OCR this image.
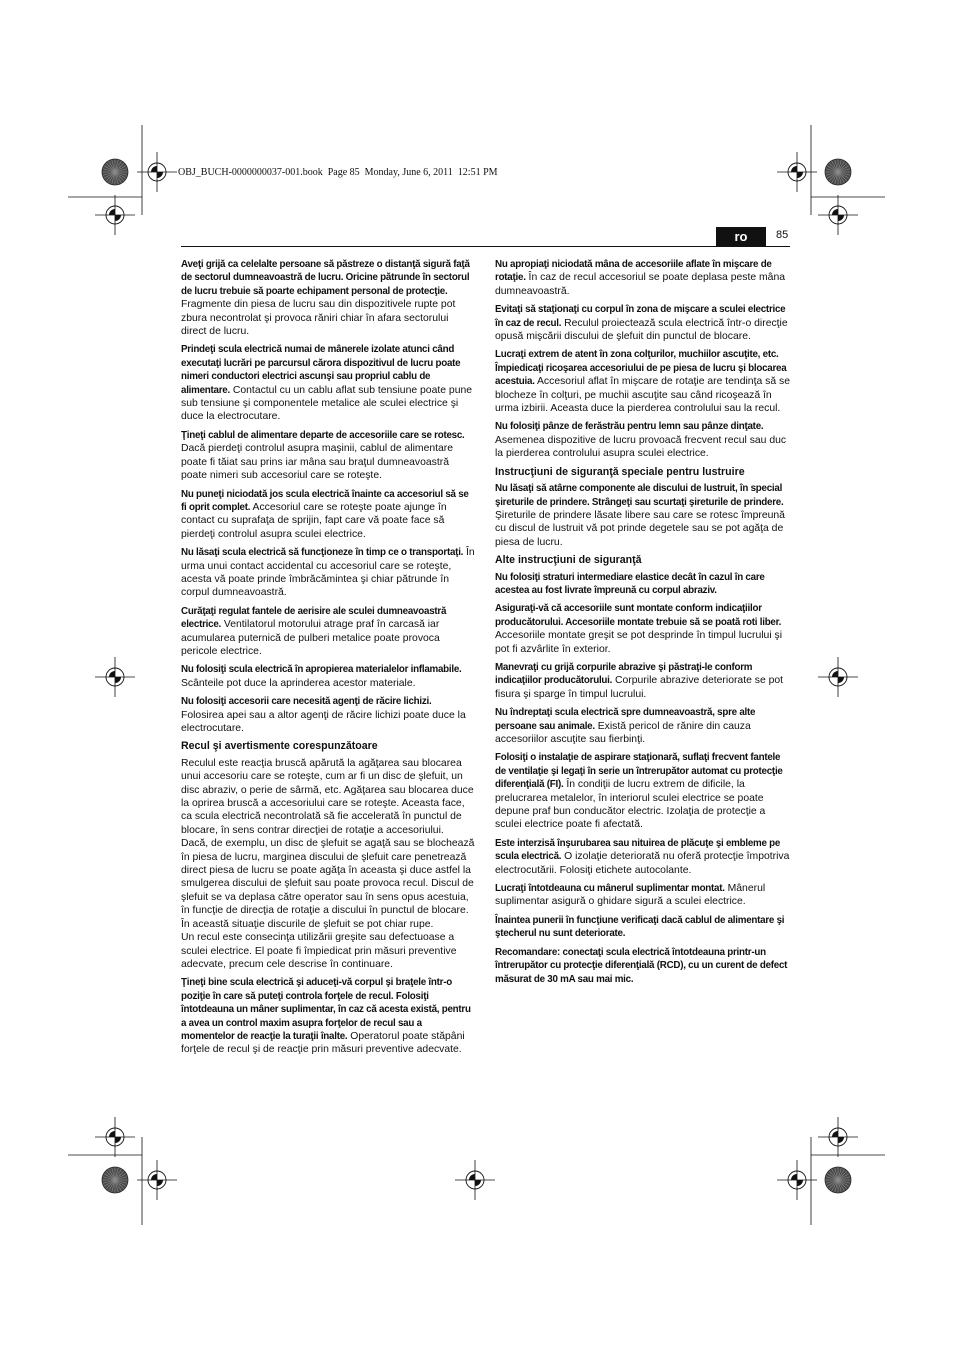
OBJ_BUCH-0000000037-001.book  Page 85  Monday, June 6, 2011  12:51 PM
ro	85

Aveţi grijă ca celelalte persoane să păstreze o distanţă sigură faţă de sectorul dumneavoastră de lucru. Oricine pătrunde în sectorul de lucru trebuie să poarte echipament personal de protecţie. Fragmente din piesa de lucru sau din dispozitivele rupte pot zbura necontrolat şi provoca răniri chiar în afara sectorului direct de lucru.

Prindeţi scula electrică numai de mânerele izolate atunci când executaţi lucrări pe parcursul cărora dispozitivul de lucru poate nimeri conductori electrici ascunşi sau propriul cablu de alimentare. Contactul cu un cablu aflat sub tensiune poate pune sub tensiune şi componentele metalice ale sculei electrice şi duce la electrocutare.

Ţineţi cablul de alimentare departe de accesoriile care se rotesc. Dacă pierdeţi controlul asupra maşinii, cablul de alimentare poate fi tăiat sau prins iar mâna sau braţul dumneavoastră poate nimeri sub accesoriul care se roteşte.

Nu puneţi niciodată jos scula electrică înainte ca accesoriul să se fi oprit complet. Accesoriul care se roteşte poate ajunge în contact cu suprafaţa de sprijin, fapt care vă poate face să pierdeţi controlul asupra sculei electrice.

Nu lăsaţi scula electrică să funcţioneze în timp ce o transportaţi. În urma unui contact accidental cu accesoriul care se roteşte, acesta vă poate prinde îmbrăcămintea şi chiar pătrunde în corpul dumneavoastră.

Curăţaţi regulat fantele de aerisire ale sculei dumneavoastră electrice. Ventilatorul motorului atrage praf în carcasă iar acumularea puternică de pulberi metalice poate provoca pericole electrice.

Nu folosiţi scula electrică în apropierea materialelor inflamabile. Scânteile pot duce la aprinderea acestor materiale.

Nu folosiţi accesorii care necesită agenţi de răcire lichizi. Folosirea apei sau a altor agenţi de răcire lichizi poate duce la electrocutare.

Recul şi avertismente corespunzătoare

Reculul este reacţia bruscă apărută la agăţarea sau blocarea unui accesoriu care se roteşte, cum ar fi un disc de şlefuit, un disc abraziv, o perie de sârmă, etc. Agăţarea sau blocarea duce la oprirea bruscă a accesoriului care se roteşte. Aceasta face, ca scula electrică necontrolată să fie accelerată în punctul de blocare, în sens contrar direcţiei de rotaţie a accesoriului.

Dacă, de exemplu, un disc de şlefuit se agaţă sau se blochează în piesa de lucru, marginea discului de şlefuit care penetrează direct piesa de lucru se poate agăţa în aceasta şi duce astfel la smulgerea discului de şlefuit sau poate provoca recul. Discul de şlefuit se va deplasa către operator sau în sens opus acestuia, în funcţie de direcţia de rotaţie a discului în punctul de blocare. În această situaţie discurile de şlefuit se pot chiar rupe.

Un recul este consecinţa utilizării greşite sau defectuoase a sculei electrice. El poate fi împiedicat prin măsuri preventive adecvate, precum cele descrise în continuare.

Ţineţi bine scula electrică şi aduceţi-vă corpul şi braţele într-o poziţie în care să puteţi controla forţele de recul. Folosiţi întotdeauna un mâner suplimentar, în caz că acesta există, pentru a avea un control maxim asupra forţelor de recul sau a momentelor de reacţie la turaţii înalte. Operatorul poate stăpâni forţele de recul şi de reacţie prin măsuri preventive adecvate.

Nu apropiaţi niciodată mâna de accesoriile aflate în mişcare de rotaţie. În caz de recul accesoriul se poate deplasa peste mâna dumneavoastră.

Evitaţi să staţionaţi cu corpul în zona de mişcare a sculei electrice în caz de recul. Reculul proiectează scula electrică într-o direcţie opusă mişcării discului de şlefuit din punctul de blocare.

Lucraţi extrem de atent în zona colţurilor, muchiilor ascuţite, etc. Împiedicaţi ricoşarea accesoriului de pe piesa de lucru şi blocarea acestuia. Accesoriul aflat în mişcare de rotaţie are tendinţa să se blocheze în colţuri, pe muchii ascuţite sau când ricoşează în urma izbirii. Aceasta duce la pierderea controlului sau la recul.

Nu folosiţi pânze de ferăstrău pentru lemn sau pânze dinţate. Asemenea dispozitive de lucru provoacă frecvent recul sau duc la pierderea controlului asupra sculei electrice.

Instrucţiuni de siguranţă speciale pentru lustruire

Nu lăsaţi să atârne componente ale discului de lustruit, în special şireturile de prindere. Strângeţi sau scurtaţi şireturile de prindere. Şireturile de prindere lăsate libere sau care se rotesc împreună cu discul de lustruit vă pot prinde degetele sau se pot agăţa de piesa de lucru.

Alte instrucţiuni de siguranţă

Nu folosiţi straturi intermediare elastice decât în cazul în care acestea au fost livrate împreună cu corpul abraziv.

Asiguraţi-vă că accesoriile sunt montate conform indicaţiilor producătorului. Accesoriile montate trebuie să se poată roti liber. Accesoriile montate greşit se pot desprinde în timpul lucrului şi pot fi azvârlite în exterior.

Manevraţi cu grijă corpurile abrazive şi păstraţi-le conform indicaţiilor producătorului. Corpurile abrazive deteriorate se pot fisura şi sparge în timpul lucrului.

Nu îndreptaţi scula electrică spre dumneavoastră, spre alte persoane sau animale. Există pericol de rănire din cauza accesoriilor ascuţite sau fierbinţi.

Folosiţi o instalaţie de aspirare staţionară, suflaţi frecvent fantele de ventilaţie şi legaţi în serie un întrerupător automat cu protecţie diferenţială (FI). În condiţii de lucru extrem de dificile, la prelucrarea metalelor, în interiorul sculei electrice se poate depune praf bun conducător electric. Izolaţia de protecţie a sculei electrice poate fi afectată.

Este interzisă înşurubarea sau nituirea de plăcuţe şi embleme pe scula electrică. O izolaţie deteriorată nu oferă protecţie împotriva electrocutării. Folosiţi etichete autocolante.

Lucraţi întotdeauna cu mânerul suplimentar montat. Mânerul suplimentar asigură o ghidare sigură a sculei electrice.

Înaintea punerii în funcţiune verificaţi dacă cablul de alimentare şi ştecherul nu sunt deteriorate.

Recomandare: conectaţi scula electrică întotdeauna printr-un întrerupător cu protecţie diferenţială (RCD), cu un curent de defect măsurat de 30 mA sau mai mic.
